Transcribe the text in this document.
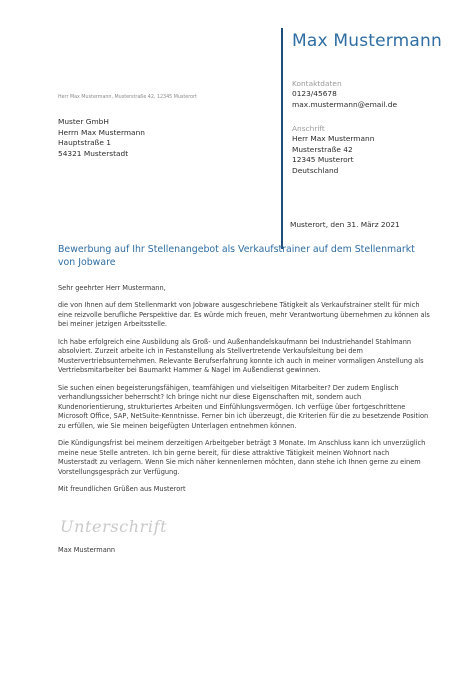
Max Mustermann
Kontaktdaten
0123/45678
max.mustermann@email.de
Anschrift
Herr Max Mustermann
Musterstraße 42
12345 Musterort
Deutschland
Herr Max Mustermann, Musterstraße 42, 12345 Musterort
Muster GmbH
Herrn Max Mustermann
Hauptstraße 1
54321 Musterstadt
Musterort, den 31. März 2021
Bewerbung auf Ihr Stellenangebot als Verkaufstrainer auf dem Stellenmarkt von Jobware

Sehr geehrter Herr Mustermann,

die von Ihnen auf dem Stellenmarkt von Jobware ausgeschriebene Tätigkeit als Verkaufstrainer stellt für mich eine reizvolle berufliche Perspektive dar. Es würde mich freuen, mehr Verantwortung übernehmen zu können als bei meiner jetzigen Arbeitsstelle.

Ich habe erfolgreich eine Ausbildung als Groß- und Außenhandelskaufmann bei Industriehandel Stahlmann absolviert. Zurzeit arbeite ich in Festanstellung als Stellvertretende Verkaufsleitung bei dem Mustervertriebsunternehmen. Relevante Berufserfahrung konnte ich auch in meiner vormaligen Anstellung als Vertriebsmitarbeiter bei Baumarkt Hammer & Nagel im Außendienst gewinnen.

Sie suchen einen begeisterungsfähigen, teamfähigen und vielseitigen Mitarbeiter? Der zudem Englisch verhandlungssicher beherrscht? Ich bringe nicht nur diese Eigenschaften mit, sondern auch Kundenorientierung, strukturiertes Arbeiten und Einfühlungsvermögen. Ich verfüge über fortgeschrittene Microsoft Office, SAP, NetSuite-Kenntnisse. Ferner bin ich überzeugt, die Kriterien für die zu besetzende Position zu erfüllen, wie Sie meinen beigefügten Unterlagen entnehmen können.

Die Kündigungsfrist bei meinem derzeitigen Arbeitgeber beträgt 3 Monate. Im Anschluss kann ich unverzüglich meine neue Stelle antreten. Ich bin gerne bereit, für diese attraktive Tätigkeit meinen Wohnort nach Musterstadt zu verlagern. Wenn Sie mich näher kennenlernen möchten, dann stehe ich Ihnen gerne zu einem Vorstellungsgespräch zur Verfügung.

Mit freundlichen Grüßen aus Musterort

Unterschrift
Max Mustermann
